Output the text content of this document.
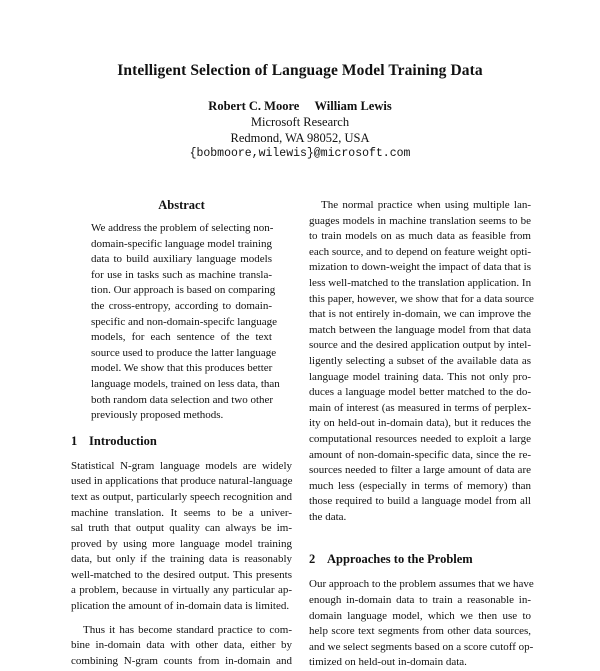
Intelligent Selection of Language Model Training Data
Robert C. Moore William Lewis
Microsoft Research
Redmond, WA 98052, USA
{bobmoore,wilewis}@microsoft.com
Abstract
We address the problem of selecting non-
domain-specific language model training
data to build auxiliary language models
for use in tasks such as machine transla-
tion. Our approach is based on comparing
the cross-entropy, according to domain-
specific and non-domain-specifc language
models, for each sentence of the text
source used to produce the latter language
model. We show that this produces better
language models, trained on less data, than
both random data selection and two other
previously proposed methods.
1 Introduction
Statistical N-gram language models are widely
used in applications that produce natural-language
text as output, particularly speech recognition and
machine translation. It seems to be a univer-
sal truth that output quality can always be im-
proved by using more language model training
data, but only if the training data is reasonably
well-matched to the desired output. This presents
a problem, because in virtually any particular ap-
plication the amount of in-domain data is limited.
Thus it has become standard practice to com-
bine in-domain data with other data, either by
combining N-gram counts from in-domain and
The normal practice when using multiple lan-
guages models in machine translation seems to be
to train models on as much data as feasible from
each source, and to depend on feature weight opti-
mization to down-weight the impact of data that is
less well-matched to the translation application. In
this paper, however, we show that for a data source
that is not entirely in-domain, we can improve the
match between the language model from that data
source and the desired application output by intel-
ligently selecting a subset of the available data as
language model training data. This not only pro-
duces a language model better matched to the do-
main of interest (as measured in terms of perplex-
ity on held-out in-domain data), but it reduces the
computational resources needed to exploit a large
amount of non-domain-specific data, since the re-
sources needed to filter a large amount of data are
much less (especially in terms of memory) than
those required to build a language model from all
the data.
2 Approaches to the Problem
Our approach to the problem assumes that we have
enough in-domain data to train a reasonable in-
domain language model, which we then use to
help score text segments from other data sources,
and we select segments based on a score cutoff op-
timized on held-out in-domain data.
